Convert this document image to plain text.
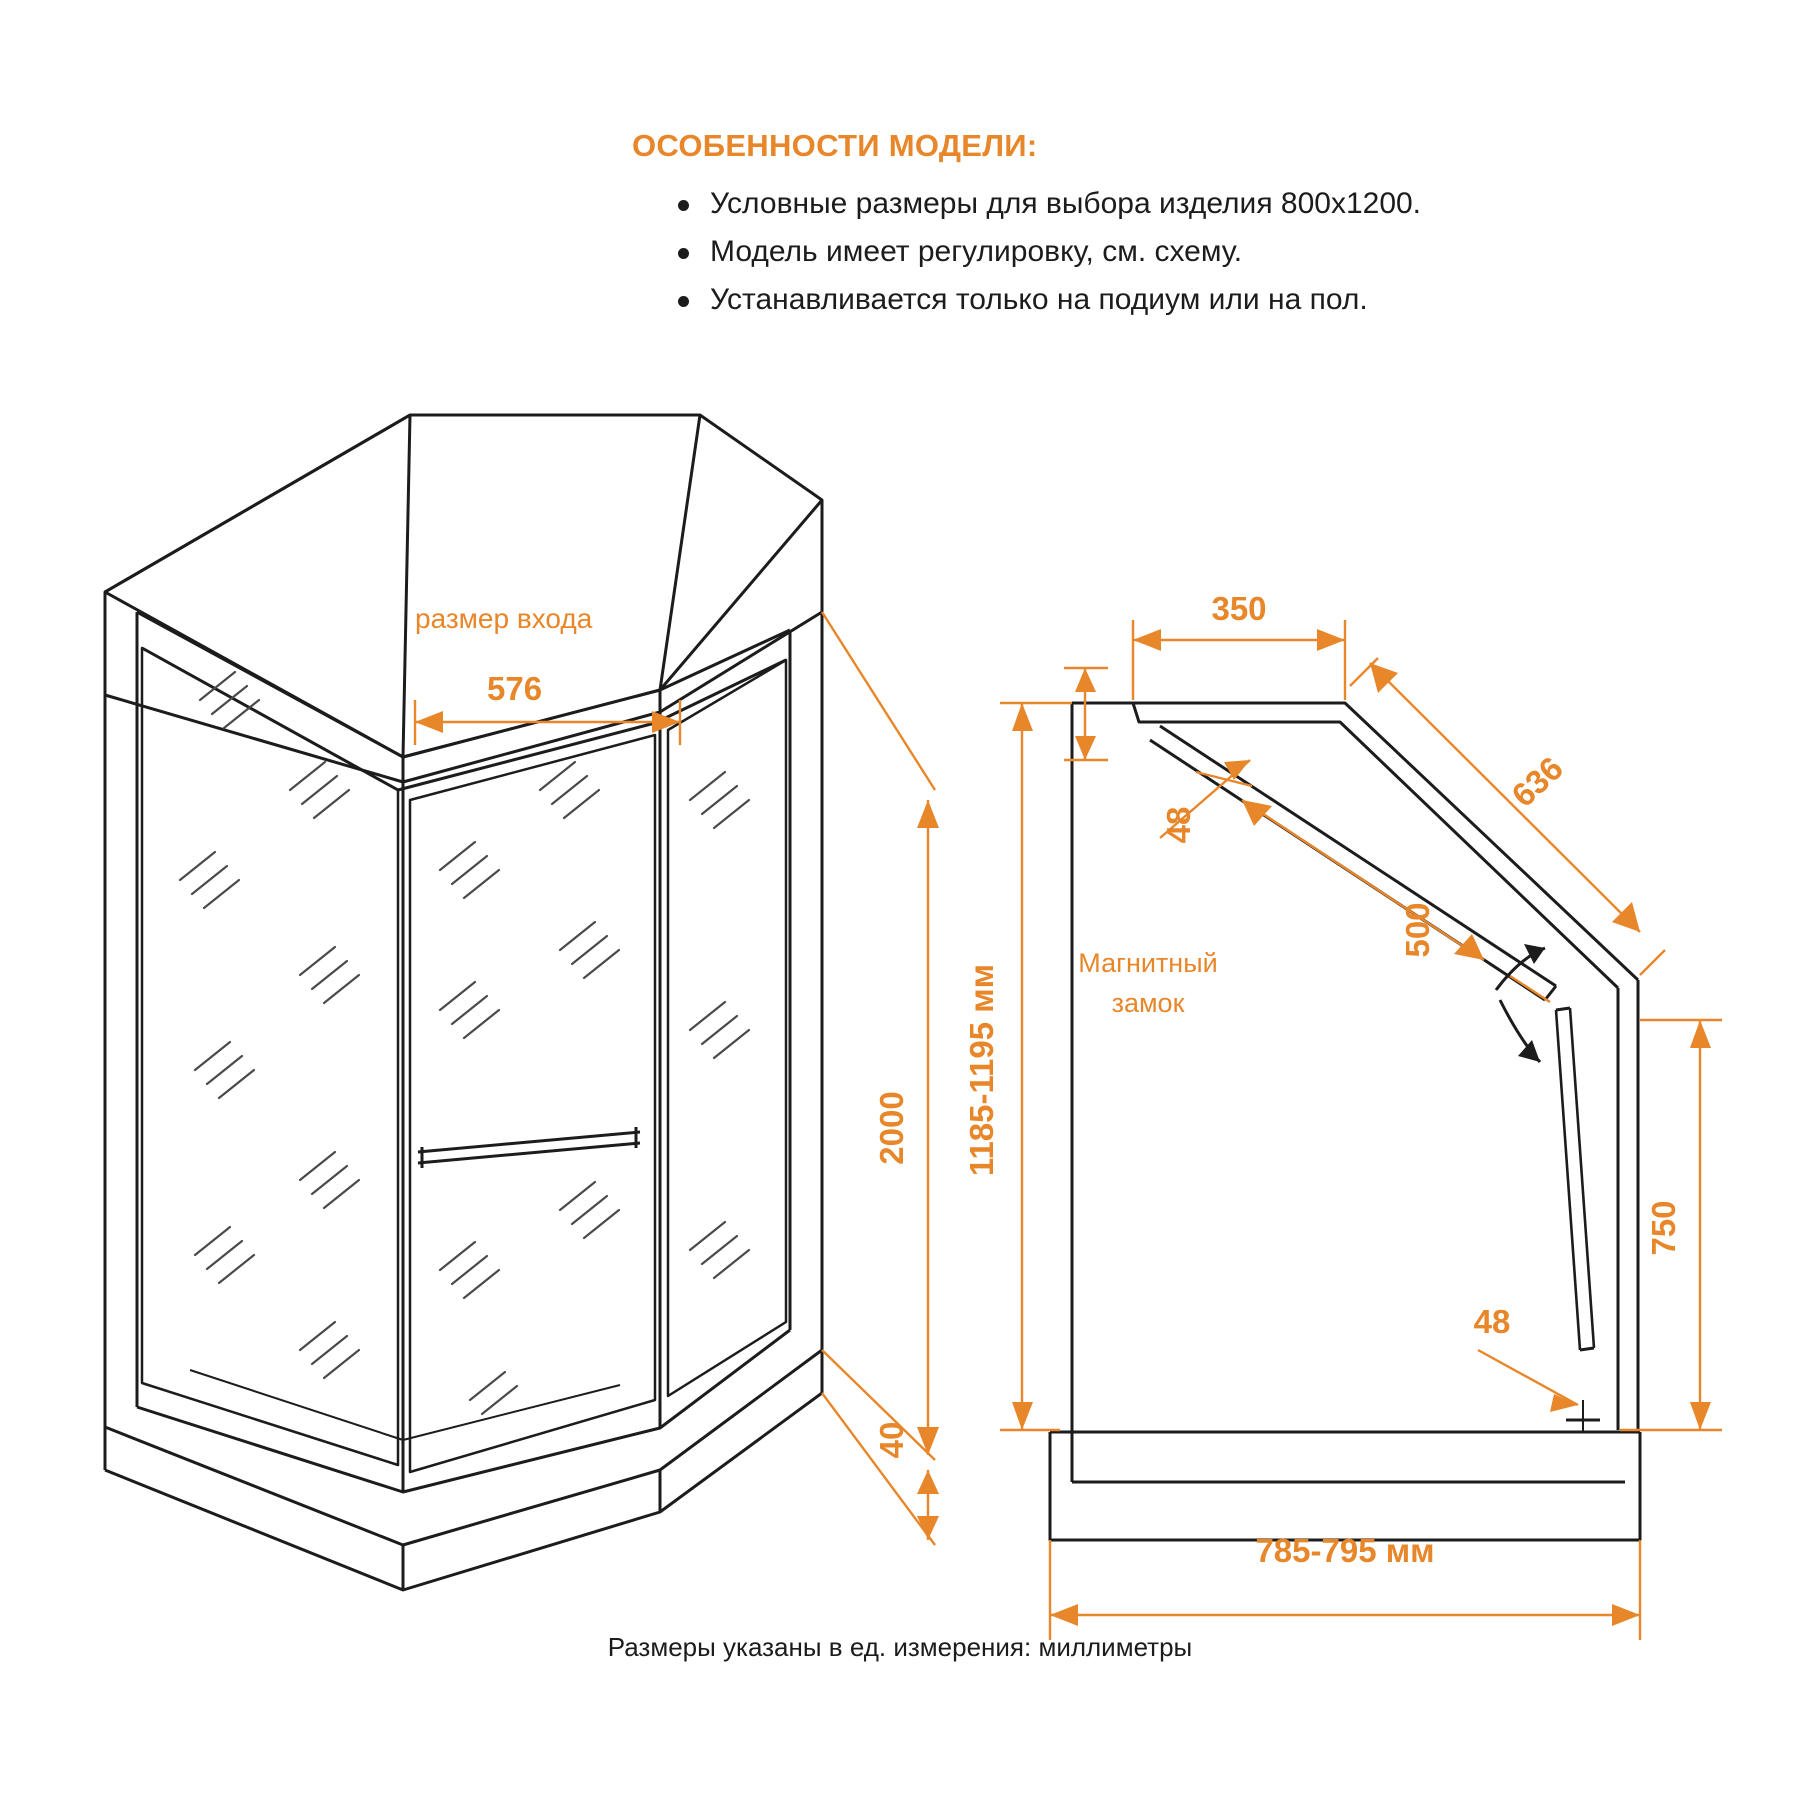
ОСОБЕННОСТИ МОДЕЛИ:
Условные размеры для выбора изделия 800х1200.
Модель имеет регулировку, см. схему.
Устанавливается только на подиум или на пол.
размер входа
576
2000
40
350
636
48
500
Магнитный
замок
750
48
1185-1195 мм
785-795 мм
Размеры указаны в ед. измерения: миллиметры
